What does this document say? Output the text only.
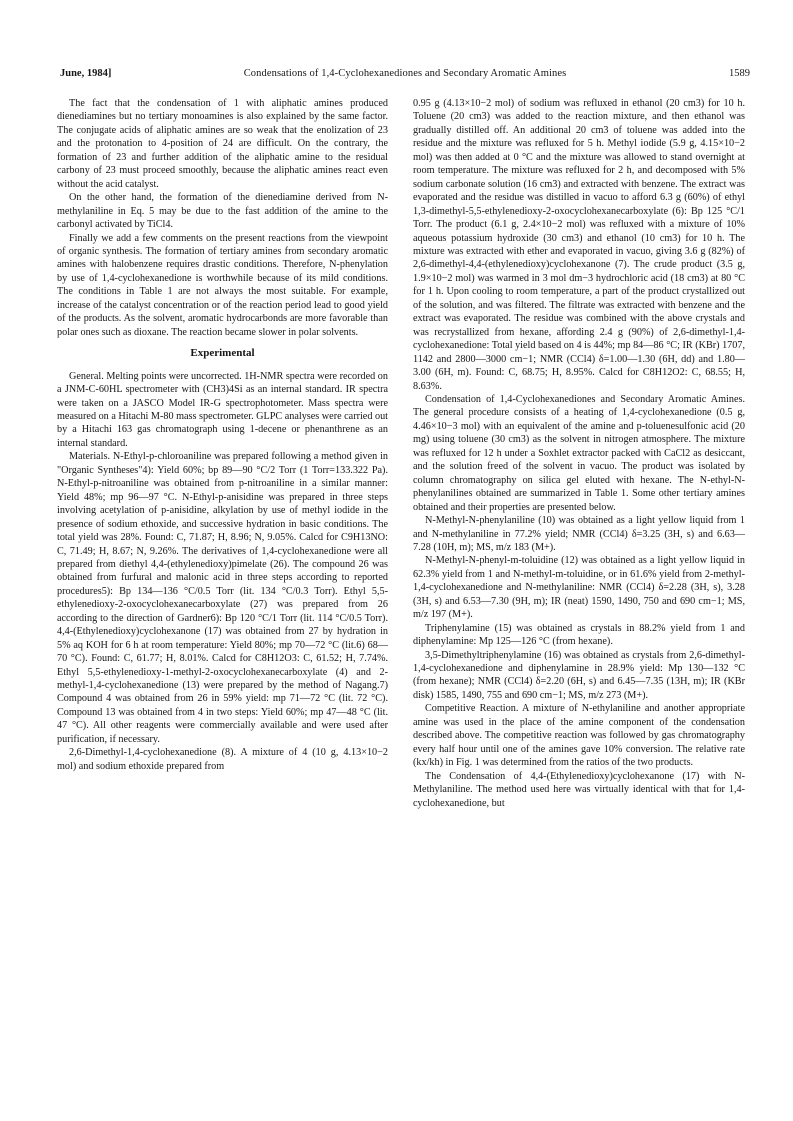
June, 1984]	Condensations of 1,4-Cyclohexanediones and Secondary Aromatic Amines	1589

The fact that the condensation of 1 with aliphatic amines produced dienediamines but no tertiary monoamines is also explained by the same factor. The conjugate acids of aliphatic amines are so weak that the enolization of 23 and the protonation to 4-position of 24 are difficult. On the contrary, the formation of 23 and further addition of the aliphatic amine to the residual carbony of 23 must proceed smoothly, because the aliphatic amines react even without the acid catalyst.

On the other hand, the formation of the dienediamine derived from N-methylaniline in Eq. 5 may be due to the fast addition of the amine to the carbonyl activated by TiCl4.

Finally we add a few comments on the present reactions from the viewpoint of organic synthesis. The formation of tertiary amines from secondary aromatic amines with halobenzene requires drastic conditions. Therefore, N-phenylation by use of 1,4-cyclohexanedione is worthwhile because of its mild conditions. The conditions in Table 1 are not always the most suitable. For example, increase of the catalyst concentration or of the reaction period lead to good yield of the products. As the solvent, aromatic hydrocarbonds are more favorable than polar ones such as dioxane. The reaction became slower in polar solvents.

Experimental

General. Melting points were uncorrected. 1H-NMR spectra were recorded on a JNM-C-60HL spectrometer with (CH3)4Si as an internal standard. IR spectra were taken on a JASCO Model IR-G spectrophotometer. Mass spectra were measured on a Hitachi M-80 mass spectrometer. GLPC analyses were carried out by a Hitachi 163 gas chromatograph using 1-decene or phenanthrene as an internal standard.

Materials. N-Ethyl-p-chloroaniline was prepared following a method given in "Organic Syntheses"4): Yield 60%; bp 89—90 °C/2 Torr (1 Torr=133.322 Pa). N-Ethyl-p-nitroaniline was obtained from p-nitroaniline in a similar manner: Yield 48%; mp 96—97 °C. N-Ethyl-p-anisidine was prepared in three steps involving acetylation of p-anisidine, alkylation by use of methyl iodide in the presence of sodium ethoxide, and successive hydration in basic conditions. The total yield was 28%. Found: C, 71.87; H, 8.96; N, 9.05%. Calcd for C9H13NO: C, 71.49; H, 8.67; N, 9.26%. The derivatives of 1,4-cyclohexanedione were all prepared from diethyl 4,4-(ethylenedioxy)pimelate (26). The compound 26 was obtained from furfural and malonic acid in three steps according to reported procedures5): Bp 134—136 °C/0.5 Torr (lit. 134 °C/0.3 Torr). Ethyl 5,5-ethylenedioxy-2-oxocyclohexanecarboxylate (27) was prepared from 26 according to the direction of Gardner6): Bp 120 °C/1 Torr (lit. 114 °C/0.5 Torr). 4,4-(Ethylenedioxy)cyclohexanone (17) was obtained from 27 by hydration in 5% aq KOH for 6 h at room temperature: Yield 80%; mp 70—72 °C (lit.6) 68—70 °C). Found: C, 61.77; H, 8.01%. Calcd for C8H12O3: C, 61.52; H, 7.74%. Ethyl 5,5-ethylenedioxy-1-methyl-2-oxocyclohexanecarboxylate (4) and 2-methyl-1,4-cyclohexanedione (13) were prepared by the method of Nagang.7) Compound 4 was obtained from 26 in 59% yield: mp 71—72 °C (lit. 72 °C). Compound 13 was obtained from 4 in two steps: Yield 60%; mp 47—48 °C (lit. 47 °C). All other reagents were commercially available and were used after purification, if necessary.

2,6-Dimethyl-1,4-cyclohexanedione (8). A mixture of 4 (10 g, 4.13×10−2 mol) and sodium ethoxide prepared from

0.95 g (4.13×10−2 mol) of sodium was refluxed in ethanol (20 cm3) for 10 h. Toluene (20 cm3) was added to the reaction mixture, and then ethanol was gradually distilled off. An additional 20 cm3 of toluene was added into the residue and the mixture was refluxed for 5 h. Methyl iodide (5.9 g, 4.15×10−2 mol) was then added at 0 °C and the mixture was allowed to stand overnight at room temperature. The mixture was refluxed for 2 h, and decomposed with 5% sodium carbonate solution (16 cm3) and extracted with benzene. The extract was evaporated and the residue was distilled in vacuo to afford 6.3 g (60%) of ethyl 1,3-dimethyl-5,5-ethylenedioxy-2-oxocyclohexanecarboxylate (6): Bp 125 °C/1 Torr. The product (6.1 g, 2.4×10−2 mol) was refluxed with a mixture of 10% aqueous potassium hydroxide (30 cm3) and ethanol (10 cm3) for 10 h. The mixture was extracted with ether and evaporated in vacuo, giving 3.6 g (82%) of 2,6-dimethyl-4,4-(ethylenedioxy)cyclohexanone (7). The crude product (3.5 g, 1.9×10−2 mol) was warmed in 3 mol dm−3 hydrochloric acid (18 cm3) at 80 °C for 1 h. Upon cooling to room temperature, a part of the product crystallized out of the solution, and was filtered. The filtrate was extracted with benzene and the extract was evaporated. The residue was combined with the above crystals and was recrystallized from hexane, affording 2.4 g (90%) of 2,6-dimethyl-1,4-cyclohexanedione: Total yield based on 4 is 44%; mp 84—86 °C; IR (KBr) 1707, 1142 and 2800—3000 cm−1; NMR (CCl4) δ=1.00—1.30 (6H, dd) and 1.80—3.00 (6H, m). Found: C, 68.75; H, 8.95%. Calcd for C8H12O2: C, 68.55; H, 8.63%.

Condensation of 1,4-Cyclohexanediones and Secondary Aromatic Amines. The general procedure consists of a heating of 1,4-cyclohexanedione (0.5 g, 4.46×10−3 mol) with an equivalent of the amine and p-toluenesulfonic acid (20 mg) using toluene (30 cm3) as the solvent in nitrogen atmosphere. The mixture was refluxed for 12 h under a Soxhlet extractor packed with CaCl2 as desiccant, and the solution freed of the solvent in vacuo. The product was isolated by column chromatography on silica gel eluted with hexane. The N-ethyl-N-phenylanilines obtained are summarized in Table 1. Some other tertiary amines obtained and their properties are presented below.

N-Methyl-N-phenylaniline (10) was obtained as a light yellow liquid from 1 and N-methylaniline in 77.2% yield; NMR (CCl4) δ=3.25 (3H, s) and 6.63—7.28 (10H, m); MS, m/z 183 (M+).

N-Methyl-N-phenyl-m-toluidine (12) was obtained as a light yellow liquid in 62.3% yield from 1 and N-methyl-m-toluidine, or in 61.6% yield from 2-methyl-1,4-cyclohexanedione and N-methylaniline: NMR (CCl4) δ=2.28 (3H, s), 3.28 (3H, s) and 6.53—7.30 (9H, m); IR (neat) 1590, 1490, 750 and 690 cm−1; MS, m/z 197 (M+).

Triphenylamine (15) was obtained as crystals in 88.2% yield from 1 and diphenylamine: Mp 125—126 °C (from hexane).

3,5-Dimethyltriphenylamine (16) was obtained as crystals from 2,6-dimethyl-1,4-cyclohexanedione and diphenylamine in 28.9% yield: Mp 130—132 °C (from hexane); NMR (CCl4) δ=2.20 (6H, s) and 6.45—7.35 (13H, m); IR (KBr disk) 1585, 1490, 755 and 690 cm−1; MS, m/z 273 (M+).

Competitive Reaction. A mixture of N-ethylaniline and another appropriate amine was used in the place of the amine component of the condensation described above. The competitive reaction was followed by gas chromatography every half hour until one of the amines gave 10% conversion. The relative rate (kx/kh) in Fig. 1 was determined from the ratios of the two products.

The Condensation of 4,4-(Ethylenedioxy)cyclohexanone (17) with N-Methylaniline. The method used here was virtually identical with that for 1,4-cyclohexanedione, but
